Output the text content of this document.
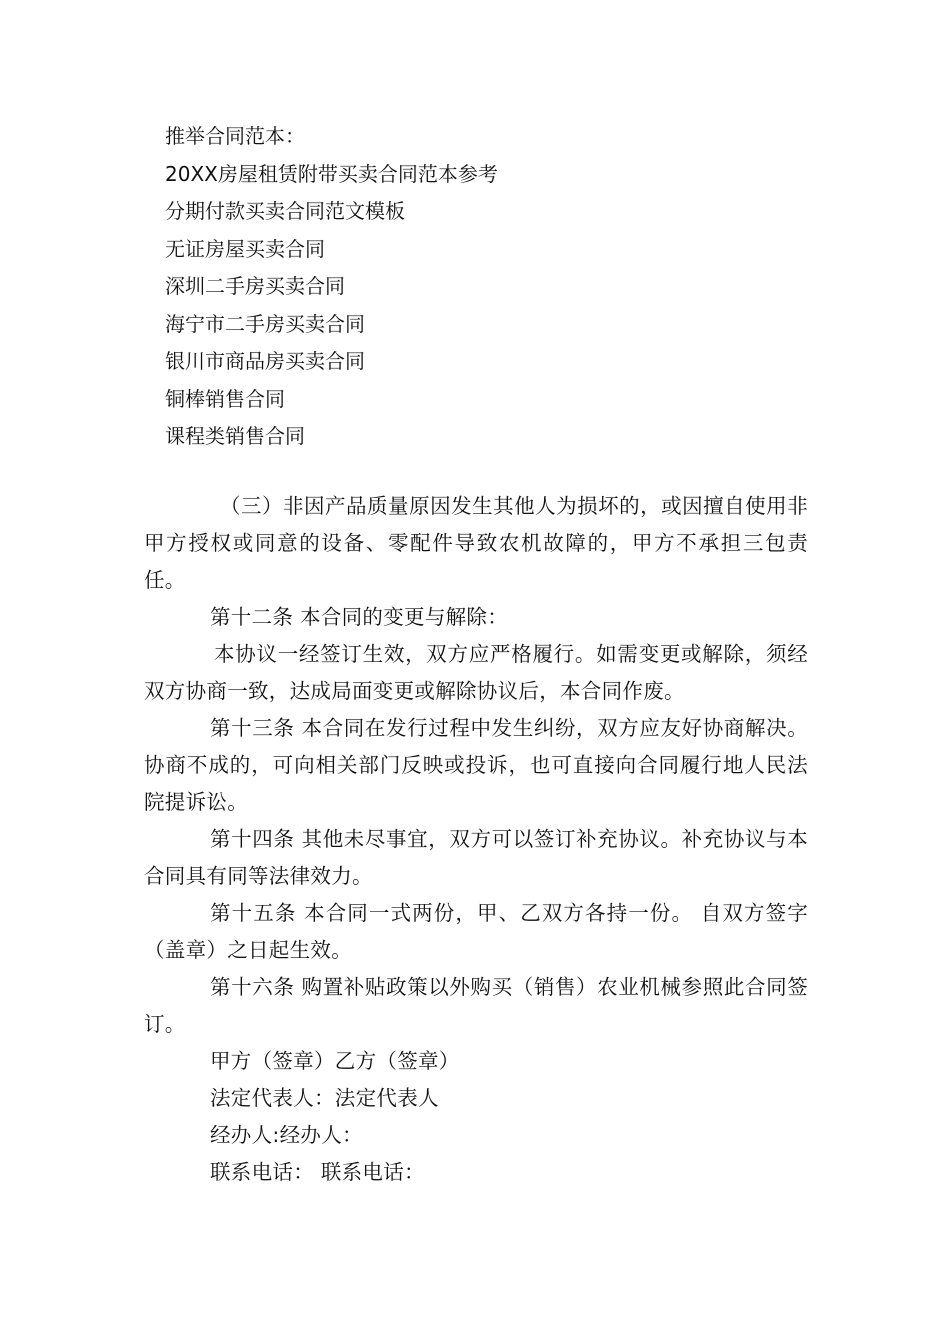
推举合同范本：
20XX房屋租赁附带买卖合同范本参考
分期付款买卖合同范文模板
无证房屋买卖合同
深圳二手房买卖合同
海宁市二手房买卖合同
银川市商品房买卖合同
铜棒销售合同
课程类销售合同

（三）非因产品质量原因发生其他人为损坏的，或因擅自使用非甲方授权或同意的设备、零配件导致农机故障的，甲方不承担三包责任。

第十二条 本合同的变更与解除：

本协议一经签订生效，双方应严格履行。如需变更或解除，须经双方协商一致，达成局面变更或解除协议后，本合同作废。

第十三条 本合同在发行过程中发生纠纷，双方应友好协商解决。协商不成的，可向相关部门反映或投诉，也可直接向合同履行地人民法院提诉讼。

第十四条 其他未尽事宜，双方可以签订补充协议。补充协议与本合同具有同等法律效力。

第十五条 本合同一式两份，甲、乙双方各持一份。 自双方签字（盖章）之日起生效。

第十六条 购置补贴政策以外购买（销售）农业机械参照此合同签订。

甲方（签章）乙方（签章）

法定代表人：法定代表人

经办人:经办人：

联系电话： 联系电话：
